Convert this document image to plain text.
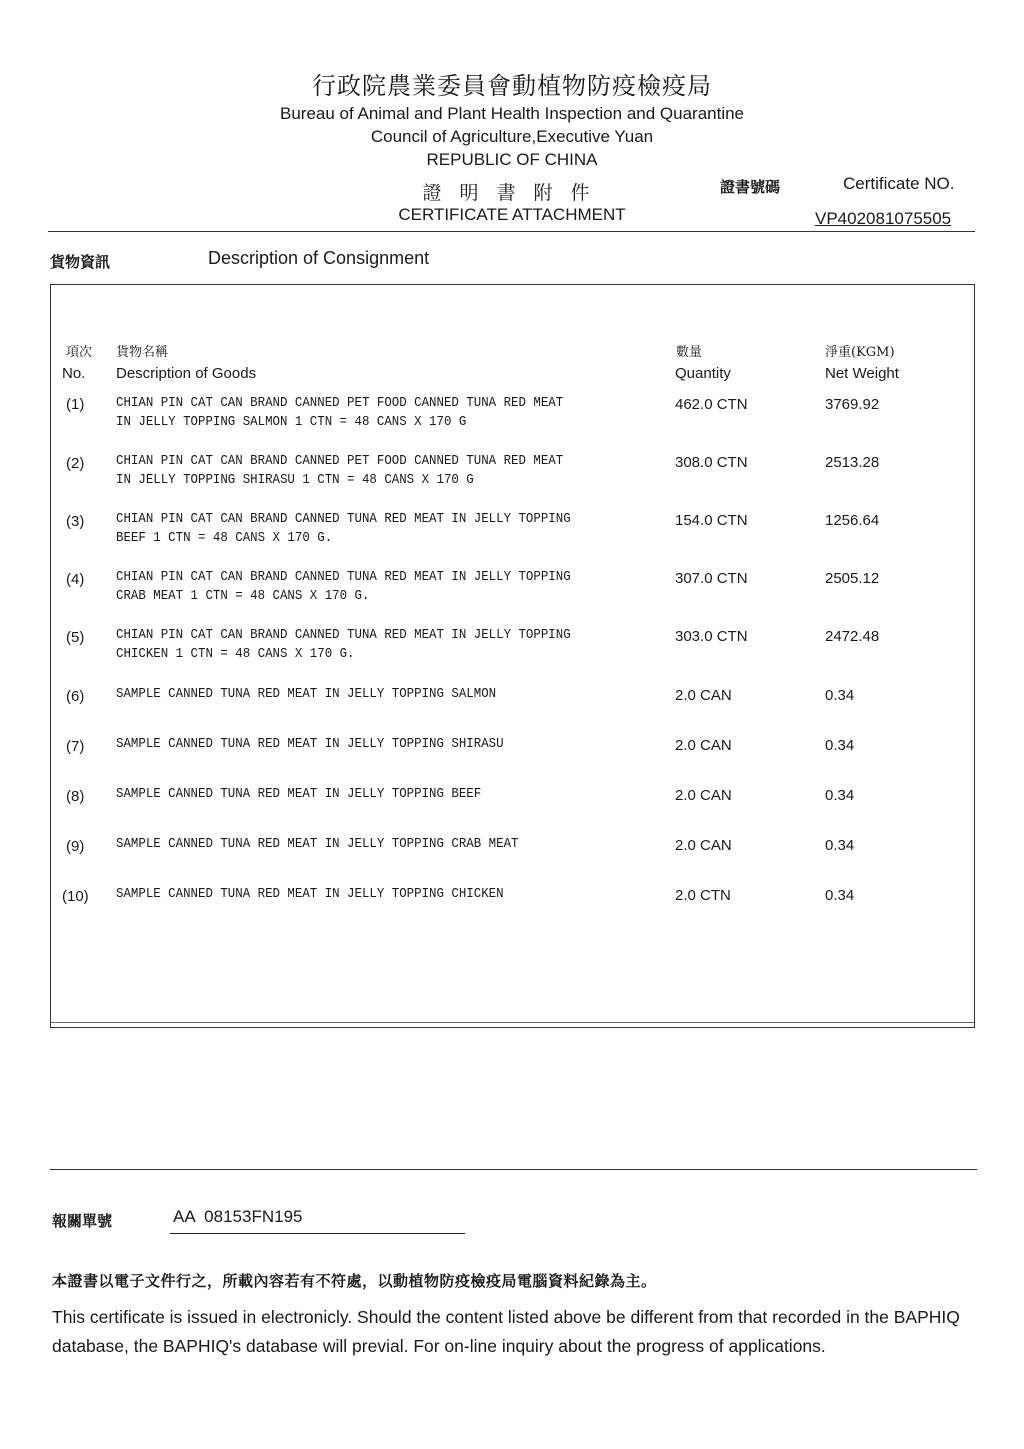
行政院農業委員會動植物防疫檢疫局
Bureau of Animal and Plant Health Inspection and Quarantine
Council of Agriculture,Executive Yuan
REPUBLIC OF CHINA
證明書附件
CERTIFICATE ATTACHMENT
證書號碼	Certificate NO.
VP402081075505
貨物資訊	Description of Consignment
項次 貨物名稱	數量	淨重(KGM)
No. Description of Goods	Quantity	Net Weight
(1) CHIAN PIN CAT CAN BRAND CANNED PET FOOD CANNED TUNA RED MEAT
IN JELLY TOPPING SALMON 1 CTN = 48 CANS X 170 G
462.0 CTN	3769.92
(2) CHIAN PIN CAT CAN BRAND CANNED PET FOOD CANNED TUNA RED MEAT
IN JELLY TOPPING SHIRASU 1 CTN = 48 CANS X 170 G
308.0 CTN	2513.28
(3) CHIAN PIN CAT CAN BRAND CANNED TUNA RED MEAT IN JELLY TOPPING
BEEF 1 CTN = 48 CANS X 170 G.
154.0 CTN	1256.64
(4) CHIAN PIN CAT CAN BRAND CANNED TUNA RED MEAT IN JELLY TOPPING
CRAB MEAT 1 CTN = 48 CANS X 170 G.
307.0 CTN	2505.12
(5) CHIAN PIN CAT CAN BRAND CANNED TUNA RED MEAT IN JELLY TOPPING
CHICKEN 1 CTN = 48 CANS X 170 G.
303.0 CTN	2472.48
(6) SAMPLE CANNED TUNA RED MEAT IN JELLY TOPPING SALMON	2.0 CAN	0.34
(7) SAMPLE CANNED TUNA RED MEAT IN JELLY TOPPING SHIRASU	2.0 CAN	0.34
(8) SAMPLE CANNED TUNA RED MEAT IN JELLY TOPPING BEEF	2.0 CAN	0.34
(9) SAMPLE CANNED TUNA RED MEAT IN JELLY TOPPING CRAB MEAT	2.0 CAN	0.34
(10) SAMPLE CANNED TUNA RED MEAT IN JELLY TOPPING CHICKEN	2.0 CTN	0.34
報關單號	AA  08153FN195
本證書以電子文件行之，所載內容若有不符處，以動植物防疫檢疫局電腦資料紀錄為主。
This certificate is issued in electronicly. Should the content listed above be different from that recorded in the BAPHIQ database, the BAPHIQ's database will previal. For on-line inquiry about the progress of applications.
